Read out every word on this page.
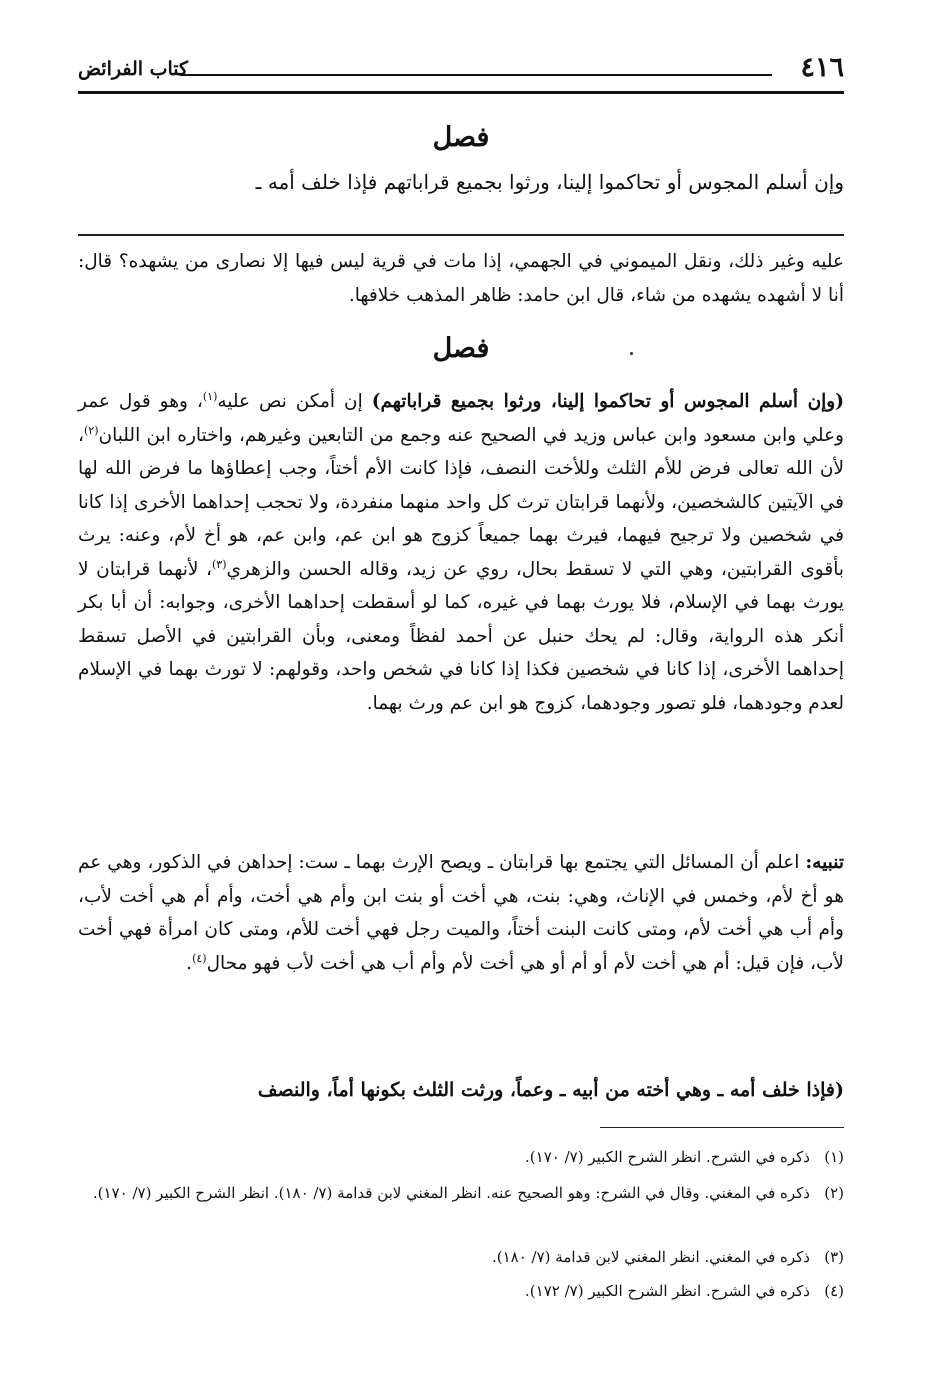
٤١٦
كتاب الفرائض
فصل
وإن أسلم المجوس أو تحاكموا إلينا، ورثوا بجميع قراباتهم فإذا خلف أمه ـ
عليه وغير ذلك، ونقل الميموني في الجهمي، إذا مات في قرية ليس فيها إلا نصارى من يشهده؟ قال: أنا لا أشهده يشهده من شاء، قال ابن حامد: ظاهر المذهب خلافها.
فصل
(وإن أسلم المجوس أو تحاكموا إلينا، ورثوا بجميع قراباتهم) إن أمكن نص عليه$^{(١)}$، وهو قول عمر وعلي وابن مسعود وابن عباس وزيد في الصحيح عنه وجمع من التابعين وغيرهم، واختاره ابن اللبان$^{(٢)}$، لأن الله تعالى فرض للأم الثلث وللأخت النصف، فإذا كانت الأم أختاً، وجب إعطاؤها ما فرض الله لها في الآيتين كالشخصين، ولأنهما قرابتان ترث كل واحد منهما منفردة، ولا تحجب إحداهما الأخرى إذا كانا في شخصين ولا ترجيح فيهما، فيرث بهما جميعاً كزوج هو ابن عم، وابن عم، هو أخ لأم، وعنه: يرث بأقوى القرابتين، وهي التي لا تسقط بحال، روي عن زيد، وقاله الحسن والزهري$^{(٣)}$، لأنهما قرابتان لا يورث بهما في الإسلام، فلا يورث بهما في غيره، كما لو أسقطت إحداهما الأخرى، وجوابه: أن أبا بكر أنكر هذه الرواية، وقال: لم يحك حنبل عن أحمد لفظاً ومعنى، وبأن القرابتين في الأصل تسقط إحداهما الأخرى، إذا كانا في شخصين فكذا إذا كانا في شخص واحد، وقولهم: لا تورث بهما في الإسلام لعدم وجودهما، فلو تصور وجودهما، كزوج هو ابن عم ورث بهما.
تنبيه: اعلم أن المسائل التي يجتمع بها قرابتان ـ ويصح الإرث بهما ـ ست: إحداهن في الذكور، وهي عم هو أخ لأم، وخمس في الإناث، وهي: بنت، هي أخت أو بنت ابن وأم هي أخت، وأم أم هي أخت لأب، وأم أب هي أخت لأم، ومتى كانت البنت أختاً، والميت رجل فهي أخت للأم، ومتى كان امرأة فهي أخت لأب، فإن قيل: أم هي أخت لأم أو أم أو هي أخت لأم وأم أب هي أخت لأب فهو محال$^{(٤)}$.
(فإذا خلف أمه ـ وهي أخته من أبيه ـ وعماً، ورثت الثلث بكونها أماً، والنصف
(١)ذكره في الشرح. انظر الشرح الكبير (٧/ ١٧٠).
(٢)ذكره في المغني. وقال في الشرح: وهو الصحيح عنه. انظر المغني لابن قدامة (٧/ ١٨٠). انظر الشرح الكبير (٧/ ١٧٠).
(٣)ذكره في المغني. انظر المغني لابن قدامة (٧/ ١٨٠).
(٤)ذكره في الشرح. انظر الشرح الكبير (٧/ ١٧٢).
